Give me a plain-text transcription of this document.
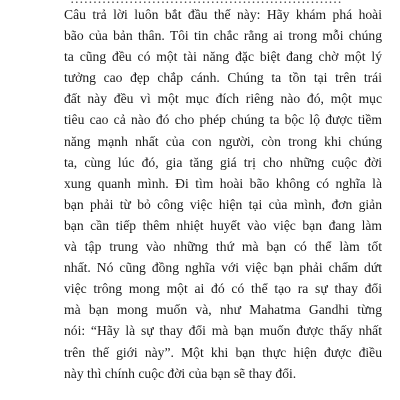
Câu trả lời luôn bắt đầu thế này: Hãy khám phá hoài
bão của bản thân. Tôi tin chắc rằng ai trong mỗi chúng
ta cũng đều có một tài năng đặc biệt đang chờ một lý
tưởng cao đẹp chắp cánh. Chúng ta tồn tại trên trái
đất này đều vì một mục đích riêng nào đó, một mục
tiêu cao cả nào đó cho phép chúng ta bộc lộ được tiềm
năng mạnh nhất của con người, còn trong khi chúng
ta, cùng lúc đó, gia tăng giá trị cho những cuộc đời
xung quanh mình. Đi tìm hoài bão không có nghĩa là
bạn phải từ bỏ công việc hiện tại của mình, đơn giản
bạn cần tiếp thêm nhiệt huyết vào việc bạn đang làm
và tập trung vào những thứ mà bạn có thể làm tốt
nhất. Nó cũng đồng nghĩa với việc bạn phải chấm dứt
việc trông mong một ai đó có thể tạo ra sự thay đổi
mà bạn mong muốn và, như Mahatma Gandhi từng
nói: “Hãy là sự thay đổi mà bạn muốn được thấy nhất
trên thế giới này”. Một khi bạn thực hiện được điều
này thì chính cuộc đời của bạn sẽ thay đổi.
